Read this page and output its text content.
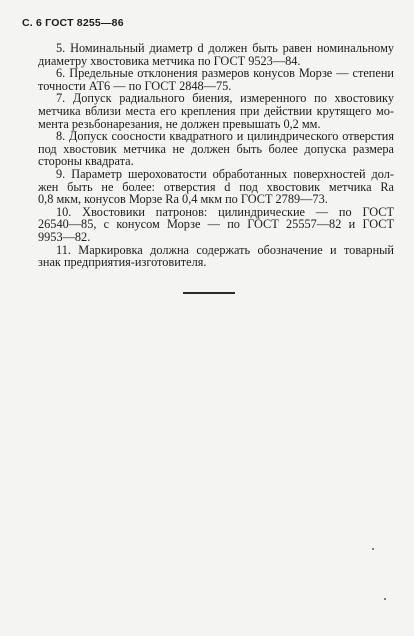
С. 6 ГОСТ 8255—86

5. Номинальный диаметр d должен быть равен номинальному
диаметру хвостовика метчика по ГОСТ 9523—84.

6. Предельные отклонения размеров конусов Морзе — степени
точности АТ6 — по ГОСТ 2848—75.

7. Допуск радиального биения, измеренного по хвостовику
метчика вблизи места его крепления при действии крутящего мо-
мента резьбонарезания, не должен превышать 0,2 мм.

8. Допуск соосности квадратного и цилиндрического отверстия
под хвостовик метчика не должен быть более допуска размера
стороны квадрата.

9. Параметр шероховатости обработанных поверхностей дол-
жен быть не более: отверстия d под хвостовик метчика Ra
0,8 мкм, конусов Морзе Ra 0,4 мкм по ГОСТ 2789—73.

10. Хвостовики патронов: цилиндрические — по ГОСТ
26540—85, с конусом Морзе — по ГОСТ 25557—82 и ГОСТ
9953—82.

11. Маркировка должна содержать обозначение и товарный
знак предприятия-изготовителя.
